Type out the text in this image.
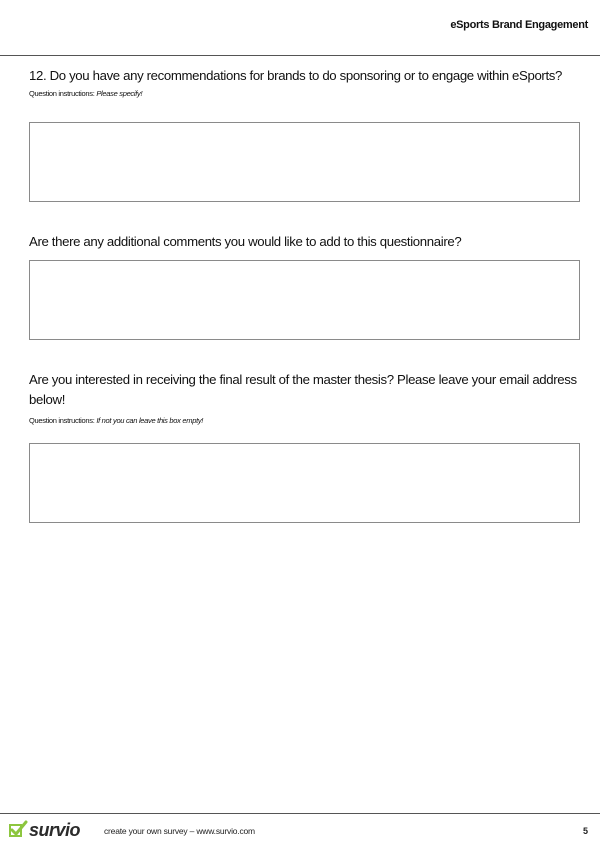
eSports Brand Engagement

12. Do you have any recommendations for brands to do sponsoring or to engage within eSports?

Question instructions: Please specify!

Are there any additional comments you would like to add to this questionnaire?

Are you interested in receiving the final result of the master thesis? Please leave your email address below!

Question instructions: If not you can leave this box empty!

survio	create your own survey – www.survio.com	5
